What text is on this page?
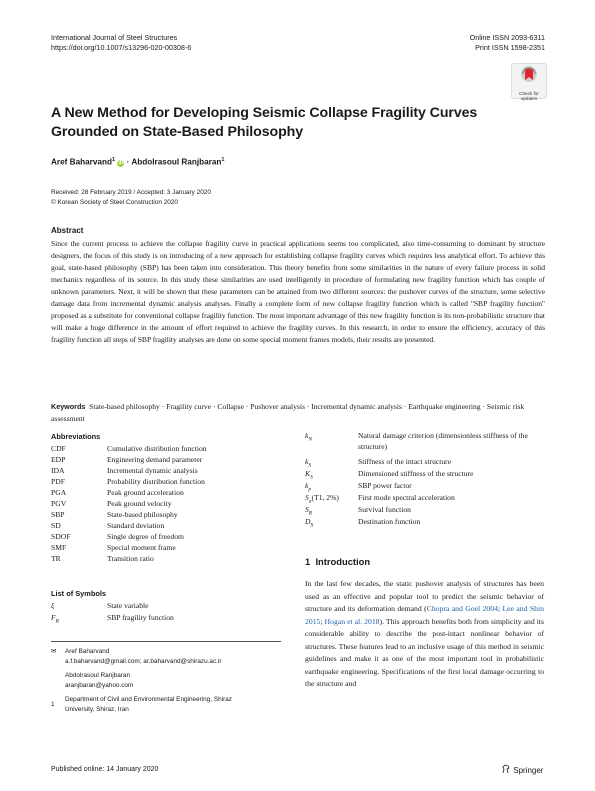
International Journal of Steel Structures
https://doi.org/10.1007/s13296-020-00308-6
Online ISSN 2093-6311
Print ISSN 1598-2351
Check for
updates
A New Method for Developing Seismic Collapse Fragility Curves
Grounded on State-Based Philosophy
Aref Baharvand$^1$ iD · Abdolrasoul Ranjbaran$^1$
Received: 28 February 2019 / Accepted: 3 January 2020
© Korean Society of Steel Construction 2020
Abstract
Since the current process to achieve the collapse fragility curve in practical applications seems too complicated, also time-consuming to dominant by structure designers, the focus of this study is on introducing of a new approach for establishing collapse fragility curves which requires less analytical effort. To achieve this goal, state-based philosophy (SBP) has been taken into consideration. This theory benefits from some similarities in the nature of every failure process in solid mechanics regardless of its source. In this study these similarities are used intelligently in procedure of formulating new fragility function which has couple of unknown parameters. Next, it will be shown that these parameters can be attained from two different sources: the pushover curves of the structure, some selective damage data from incremental dynamic analysis analyses. Finally a complete form of new collapse fragility function which is called "SBP fragility function" proposed as a substitute for conventional collapse fragility function. The most important advantage of this new fragility function is its non-probabilistic structure that will make a huge difference in the amount of effort required to achieve the fragility curves. In this research, in order to ensure the efficiency, accuracy of this fragility function all steps of SBP fragility analyses are done on some special moment frames models, their results are presented.
Keywords State-based philosophy · Fragility curve · Collapse · Pushover analysis · Incremental dynamic analysis · Earthquake engineering · Seismic risk assessment
Abbreviations
CDF	Cumulative distribution function
EDP	Engineering demand parameter
IDA	Incremental dynamic analysis
PDF	Probability distribution function
PGA	Peak ground acceleration
PGV	Peak ground velocity
SBP	State-based philosophy
SD	Standard deviation
SDOF	Single degree of freedom
SMF	Special moment frame
TR	Transition ratio
List of Symbols
ξ	State variable
$F_R$	SBP fragility function
$k_N$	Natural damage criterion (dimensionless stiffness of the structure)
$k_S$	Stiffness of the intact structure
$K_S$	Dimensioned stiffness of the structure
$k_p$	SBP power factor
$S_a(T1$, 2%)	First mode spectral acceleration
$S_R$	Survival function
$D_S$	Destination function
✉ Aref Baharvand
a.f.baharvand@gmail.com; ar.baharvand@shirazu.ac.ir
Abdolrasoul Ranjbaran
aranjbaran@yahoo.com
1
Department of Civil and Environmental Engineering, Shiraz
University, Shiraz, Iran
1 Introduction
In the last few decades, the static pushover analysis of structures has been used as an effective and popular tool to predict the seismic behavior of structure and its deformation demand (Chopra and Goel 2004; Lee and Shin 2015; Hogan et al. 2018). This approach benefits both from simplicity and its considerable ability to describe the post-intact nonlinear behavior of structures. These features lead to an inclusive usage of this method in seismic guidelines and make it as one of the most important tool in probabilistic earthquake engineering. Specifications of the first local damage occurring to the structure and
Published online: 14 January 2020	Springer
